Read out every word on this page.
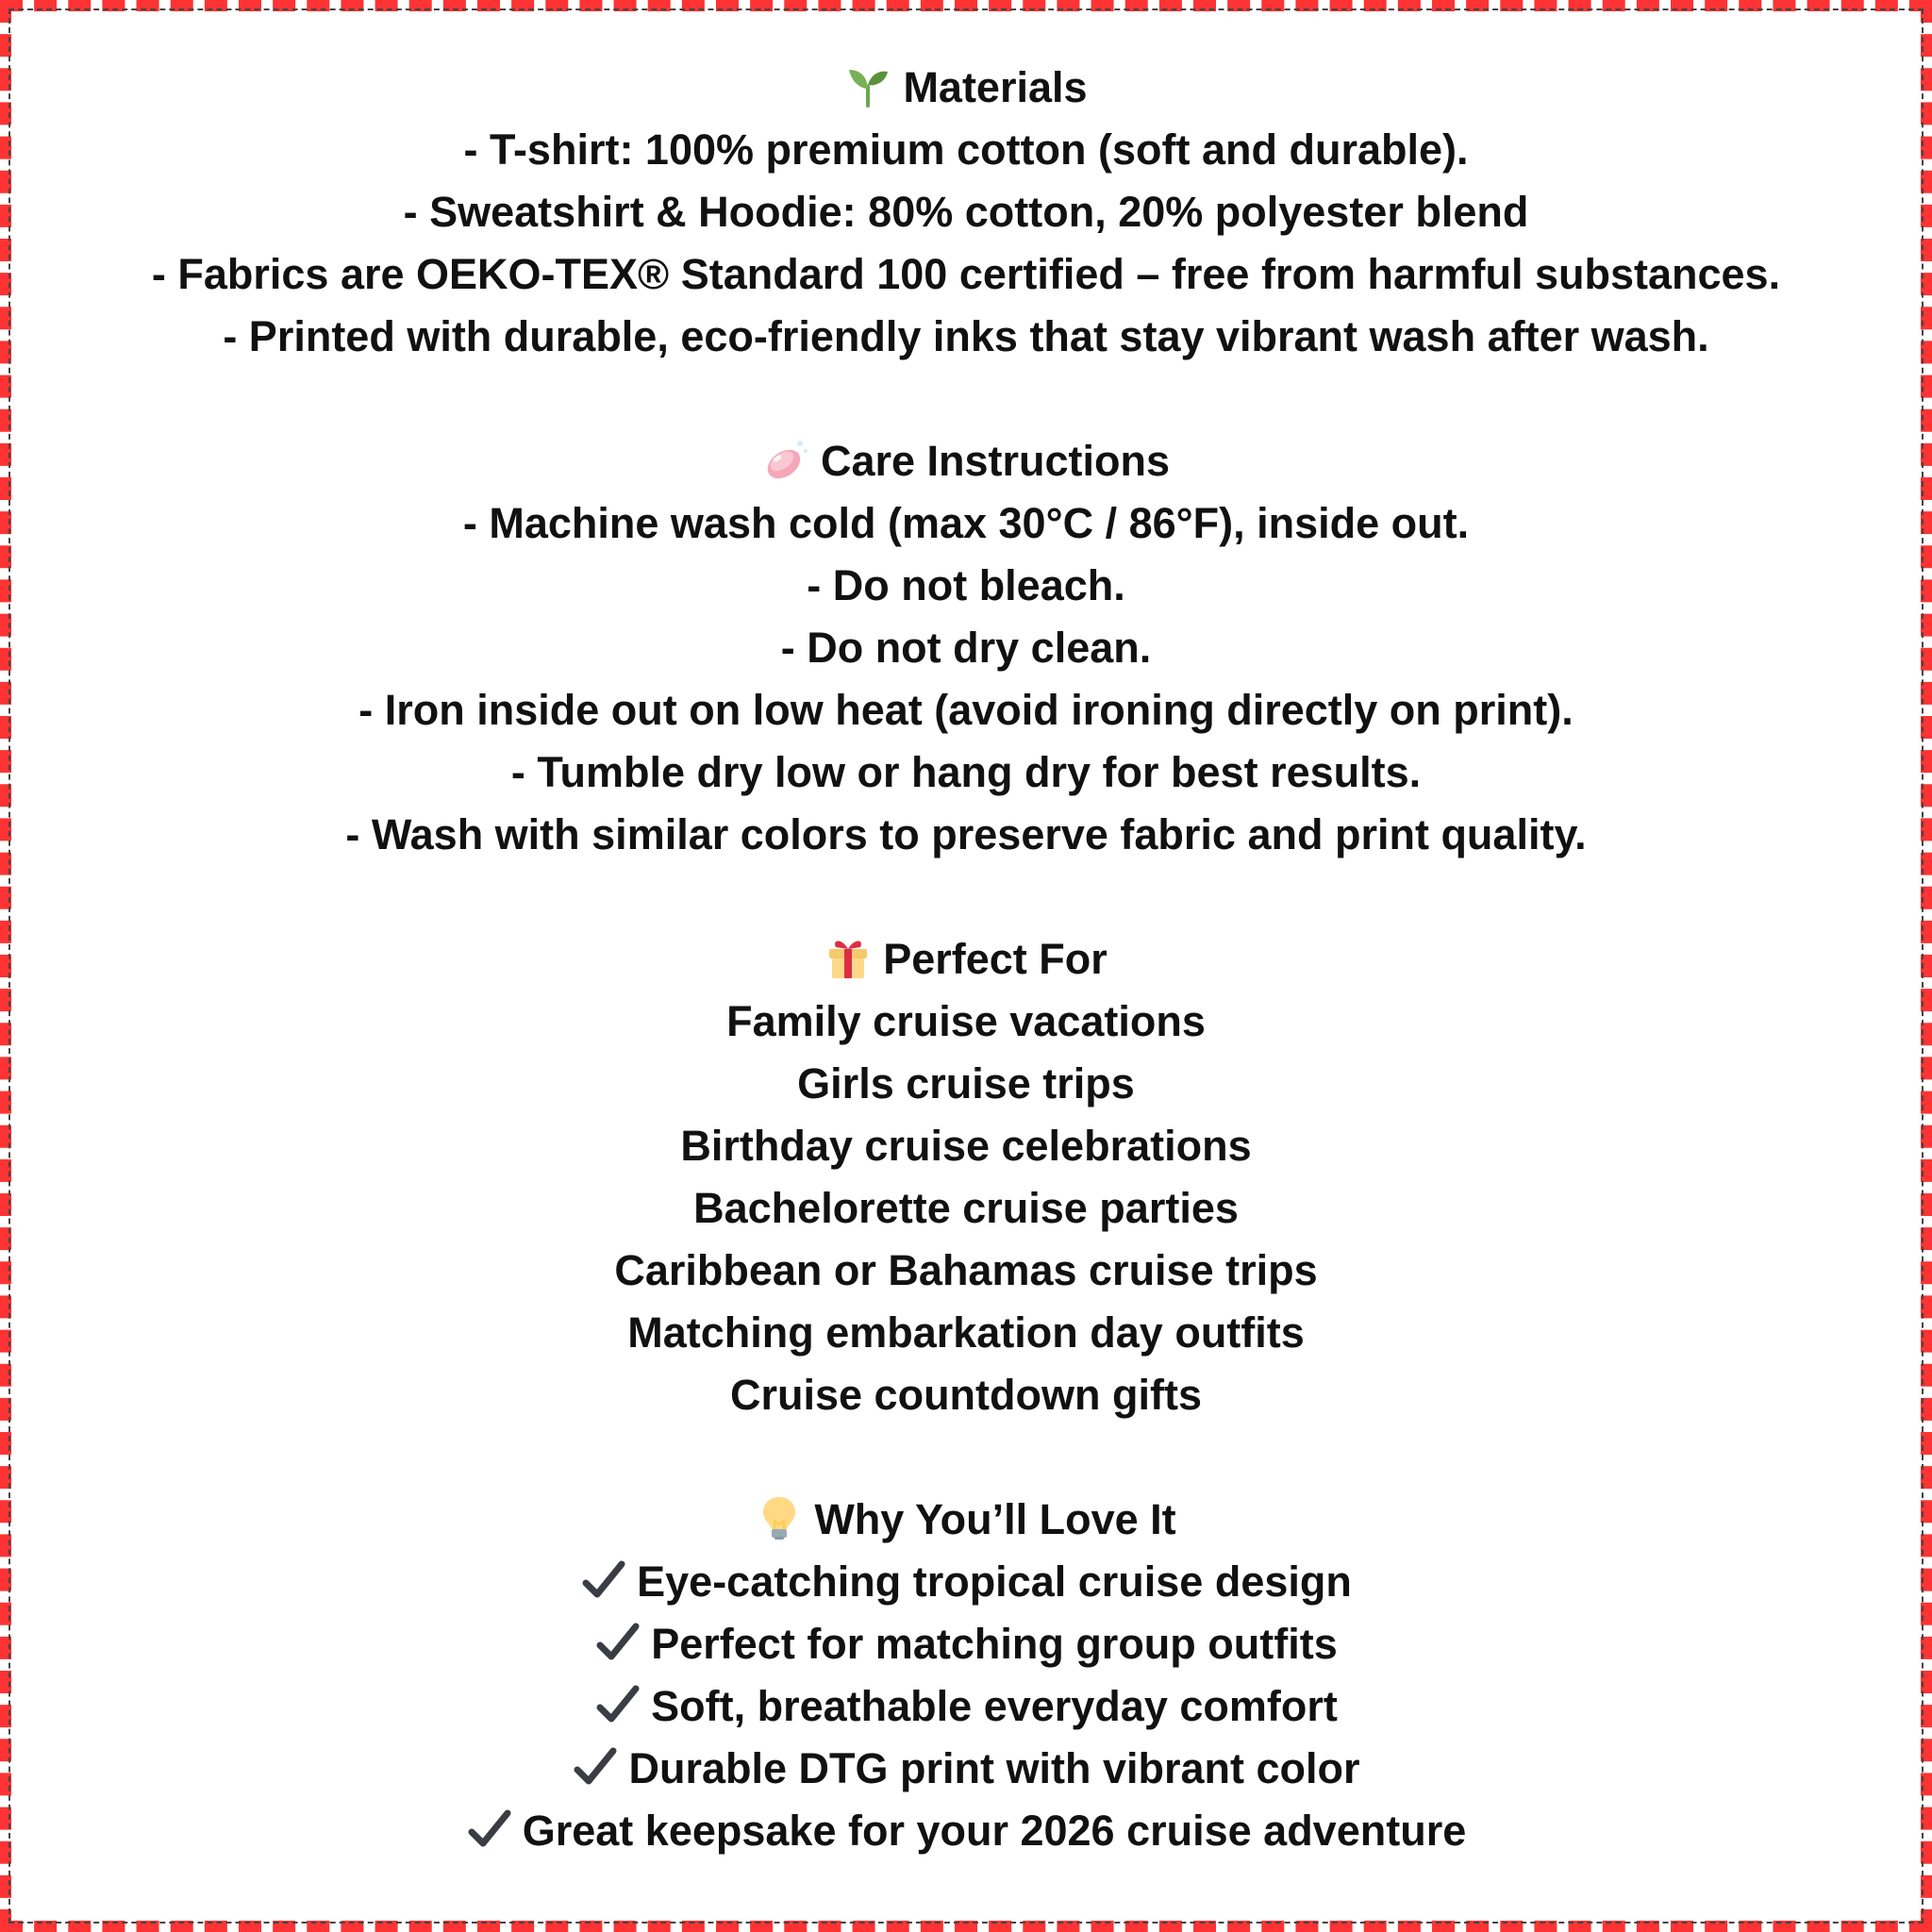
Materials
- T-shirt: 100% premium cotton (soft and durable).
- Sweatshirt & Hoodie: 80% cotton, 20% polyester blend
- Fabrics are OEKO-TEX® Standard 100 certified – free from harmful substances.
- Printed with durable, eco-friendly inks that stay vibrant wash after wash.
Care Instructions
- Machine wash cold (max 30°C / 86°F), inside out.
- Do not bleach.
- Do not dry clean.
- Iron inside out on low heat (avoid ironing directly on print).
- Tumble dry low or hang dry for best results.
- Wash with similar colors to preserve fabric and print quality.
Perfect For
Family cruise vacations
Girls cruise trips
Birthday cruise celebrations
Bachelorette cruise parties
Caribbean or Bahamas cruise trips
Matching embarkation day outfits
Cruise countdown gifts
Why You’ll Love It
Eye-catching tropical cruise design
Perfect for matching group outfits
Soft, breathable everyday comfort
Durable DTG print with vibrant color
Great keepsake for your 2026 cruise adventure
